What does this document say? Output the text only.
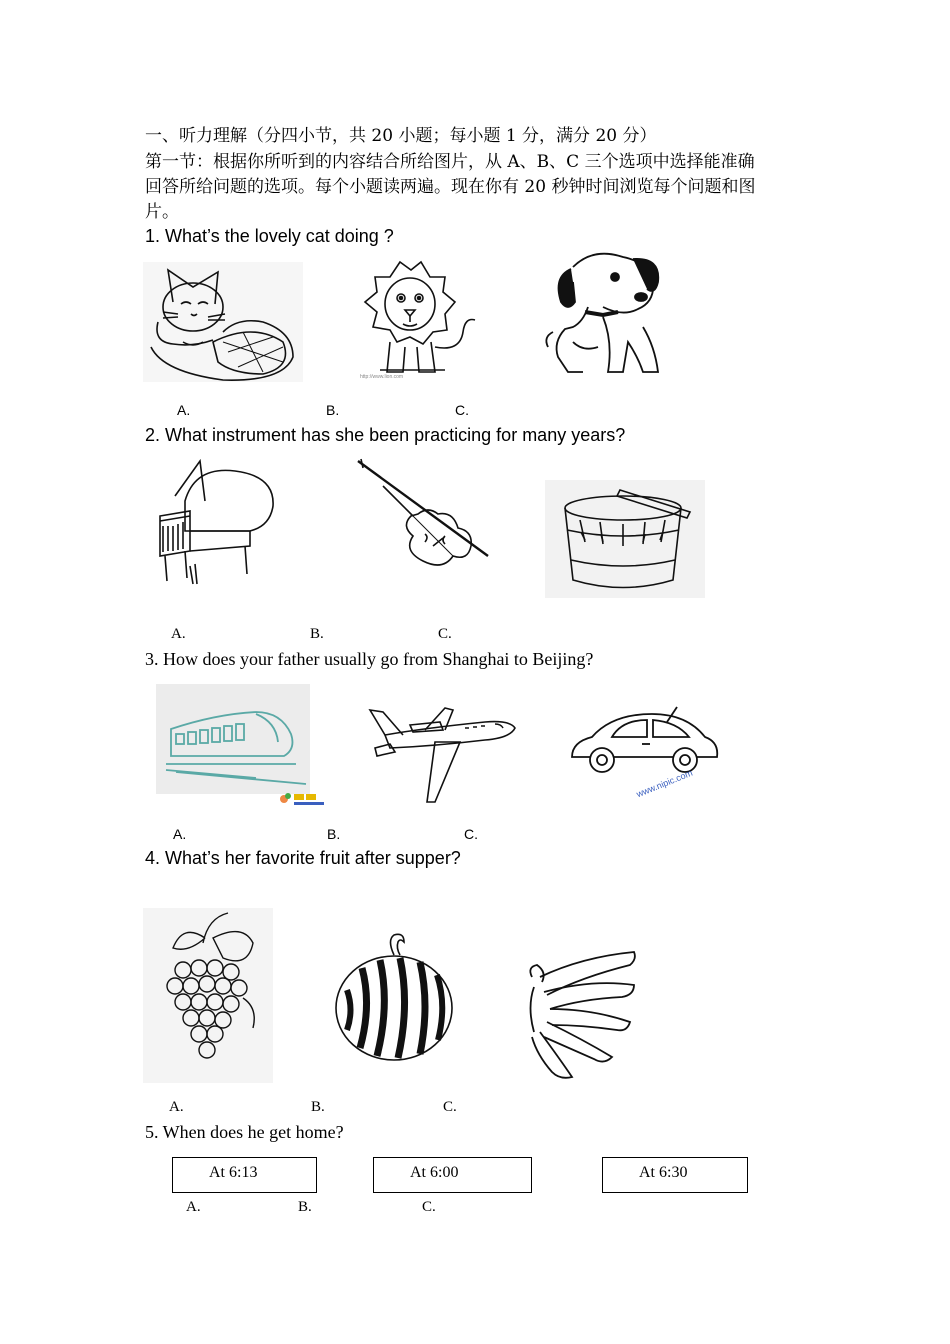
一、听力理解（分四小节，共 20 小题；每小题 1 分，满分 20 分）
第一节：根据你所听到的内容结合所给图片，从 A、B、C 三个选项中选择能准确
回答所给问题的选项。每个小题读两遍。现在你有 20 秒钟时间浏览每个问题和图
片。
1. What’s the lovely cat doing ?
http://www.lion.com
A.	B.	C.
2. What instrument has she been practicing for many years?
A.	B.	C.
3. How does your father usually go from Shanghai to Beijing?
www.nipic.com
A.	B.	C.
4. What’s her favorite fruit after supper?
A.	B.	C.
5. When does he get home?
At 6:13	At 6:00	At 6:30
A.	B.	C.
